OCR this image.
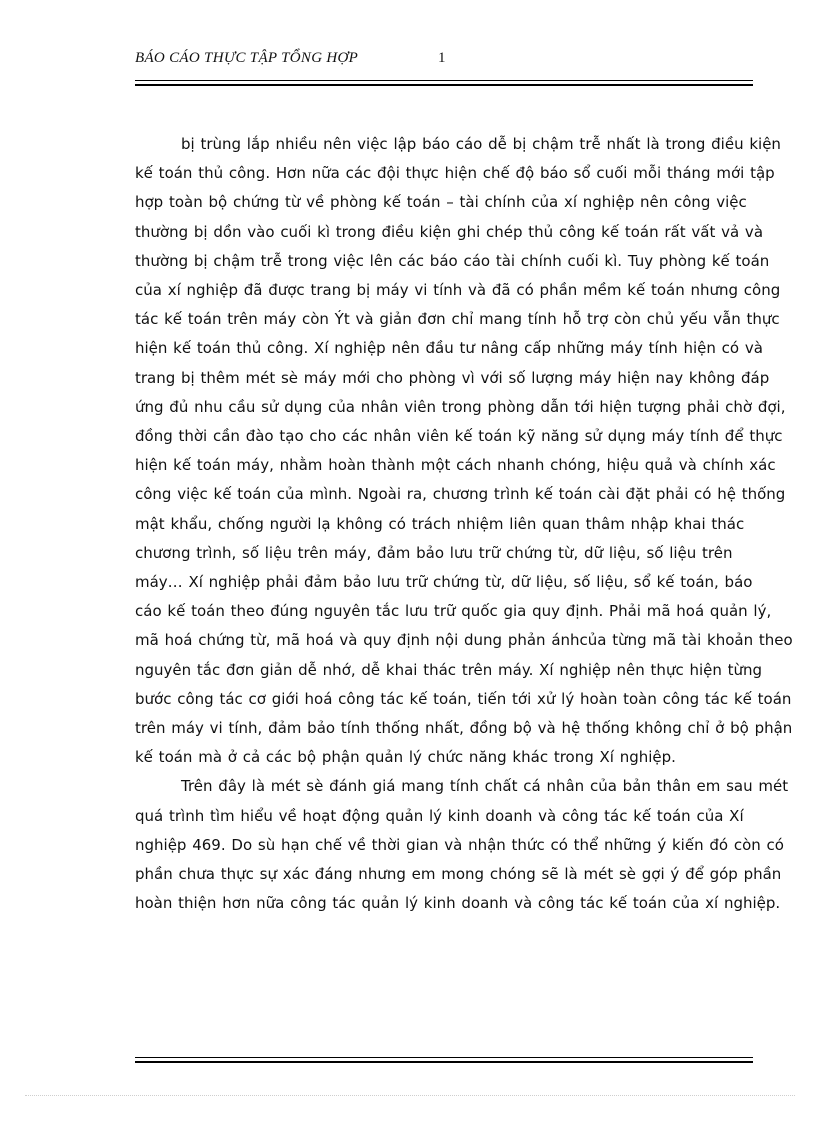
BÁO CÁO THỰC TẬP TỔNG HỢP	1
bị trùng lắp nhiều nên việc lập báo cáo dễ bị chậm trễ nhất là trong điều kiện
kế toán thủ công. Hơn nữa các đội thực hiện chế độ báo sổ cuối mỗi tháng mới tập
hợp toàn bộ chứng từ về phòng kế toán – tài chính của xí nghiệp nên công việc
thường bị dồn vào cuối kì trong điều kiện ghi chép thủ công kế toán rất vất vả và
thường bị chậm trễ trong việc lên các báo cáo tài chính cuối kì. Tuy phòng kế toán
của xí nghiệp đã được trang bị máy vi tính và đã có phần mềm kế toán nhưng công
tác kế toán trên máy còn Ýt và giản đơn chỉ mang tính hỗ trợ còn chủ yếu vẫn thực
hiện kế toán thủ công. Xí nghiệp nên đầu tư nâng cấp những máy tính hiện có và
trang bị thêm mét sè máy mới cho phòng vì với số lượng máy hiện nay không đáp
ứng đủ nhu cầu sử dụng của nhân viên trong phòng dẫn tới hiện tượng phải chờ đợi,
đồng thời cần đào tạo cho các nhân viên kế toán kỹ năng sử dụng máy tính để thực
hiện kế toán máy, nhằm hoàn thành một cách nhanh chóng, hiệu quả và chính xác
công việc kế toán của mình. Ngoài ra, chương trình kế toán cài đặt phải có hệ thống
mật khẩu, chống người lạ không có trách nhiệm liên quan thâm nhập khai thác
chương trình, số liệu trên máy, đảm bảo lưu trữ chứng từ, dữ liệu, số liệu trên
máy… Xí nghiệp phải đảm bảo lưu trữ chứng từ, dữ liệu, số liệu, sổ kế toán, báo
cáo kế toán theo đúng nguyên tắc lưu trữ quốc gia quy định. Phải mã hoá quản lý,
mã hoá chứng từ, mã hoá và quy định nội dung phản ánhcủa từng mã tài khoản theo
nguyên tắc đơn giản dễ nhớ, dễ khai thác trên máy. Xí nghiệp nên thực hiện từng
bước công tác cơ giới hoá công tác kế toán, tiến tới xử lý hoàn toàn công tác kế toán
trên máy vi tính, đảm bảo tính thống nhất, đồng bộ và hệ thống không chỉ ở bộ phận
kế toán mà ở cả các bộ phận quản lý chức năng khác trong Xí nghiệp.
Trên đây là mét sè đánh giá mang tính chất cá nhân của bản thân em sau mét
quá trình tìm hiểu về hoạt động quản lý kinh doanh và công tác kế toán của Xí
nghiệp 469. Do sù hạn chế về thời gian và nhận thức có thể những ý kiến đó còn có
phần chưa thực sự xác đáng nhưng em mong chóng sẽ là mét sè gợi ý để góp phần
hoàn thiện hơn nữa công tác quản lý kinh doanh và công tác kế toán của xí nghiệp.
